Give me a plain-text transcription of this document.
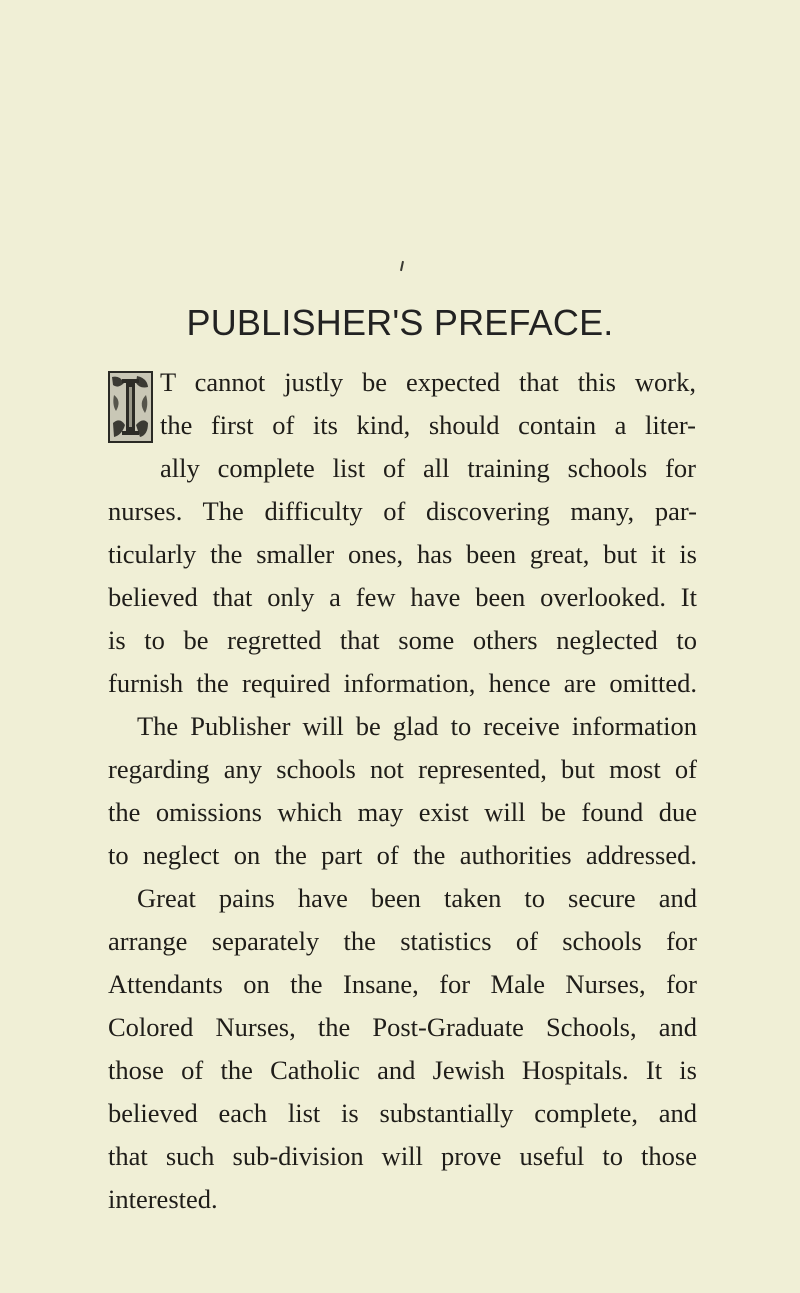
PUBLISHER'S PREFACE.
T cannot justly be expected that this work,
the first of its kind, should contain a liter-
ally complete list of all training schools for
nurses. The difficulty of discovering many, par-
ticularly the smaller ones, has been great, but it is
believed that only a few have been overlooked. It
is to be regretted that some others neglected to
furnish the required information, hence are omitted.
The Publisher will be glad to receive information
regarding any schools not represented, but most of
the omissions which may exist will be found due
to neglect on the part of the authorities addressed.
Great pains have been taken to secure and
arrange separately the statistics of schools for
Attendants on the Insane, for Male Nurses, for
Colored Nurses, the Post-Graduate Schools, and
those of the Catholic and Jewish Hospitals. It is
believed each list is substantially complete, and
that such sub-division will prove useful to those
interested.
